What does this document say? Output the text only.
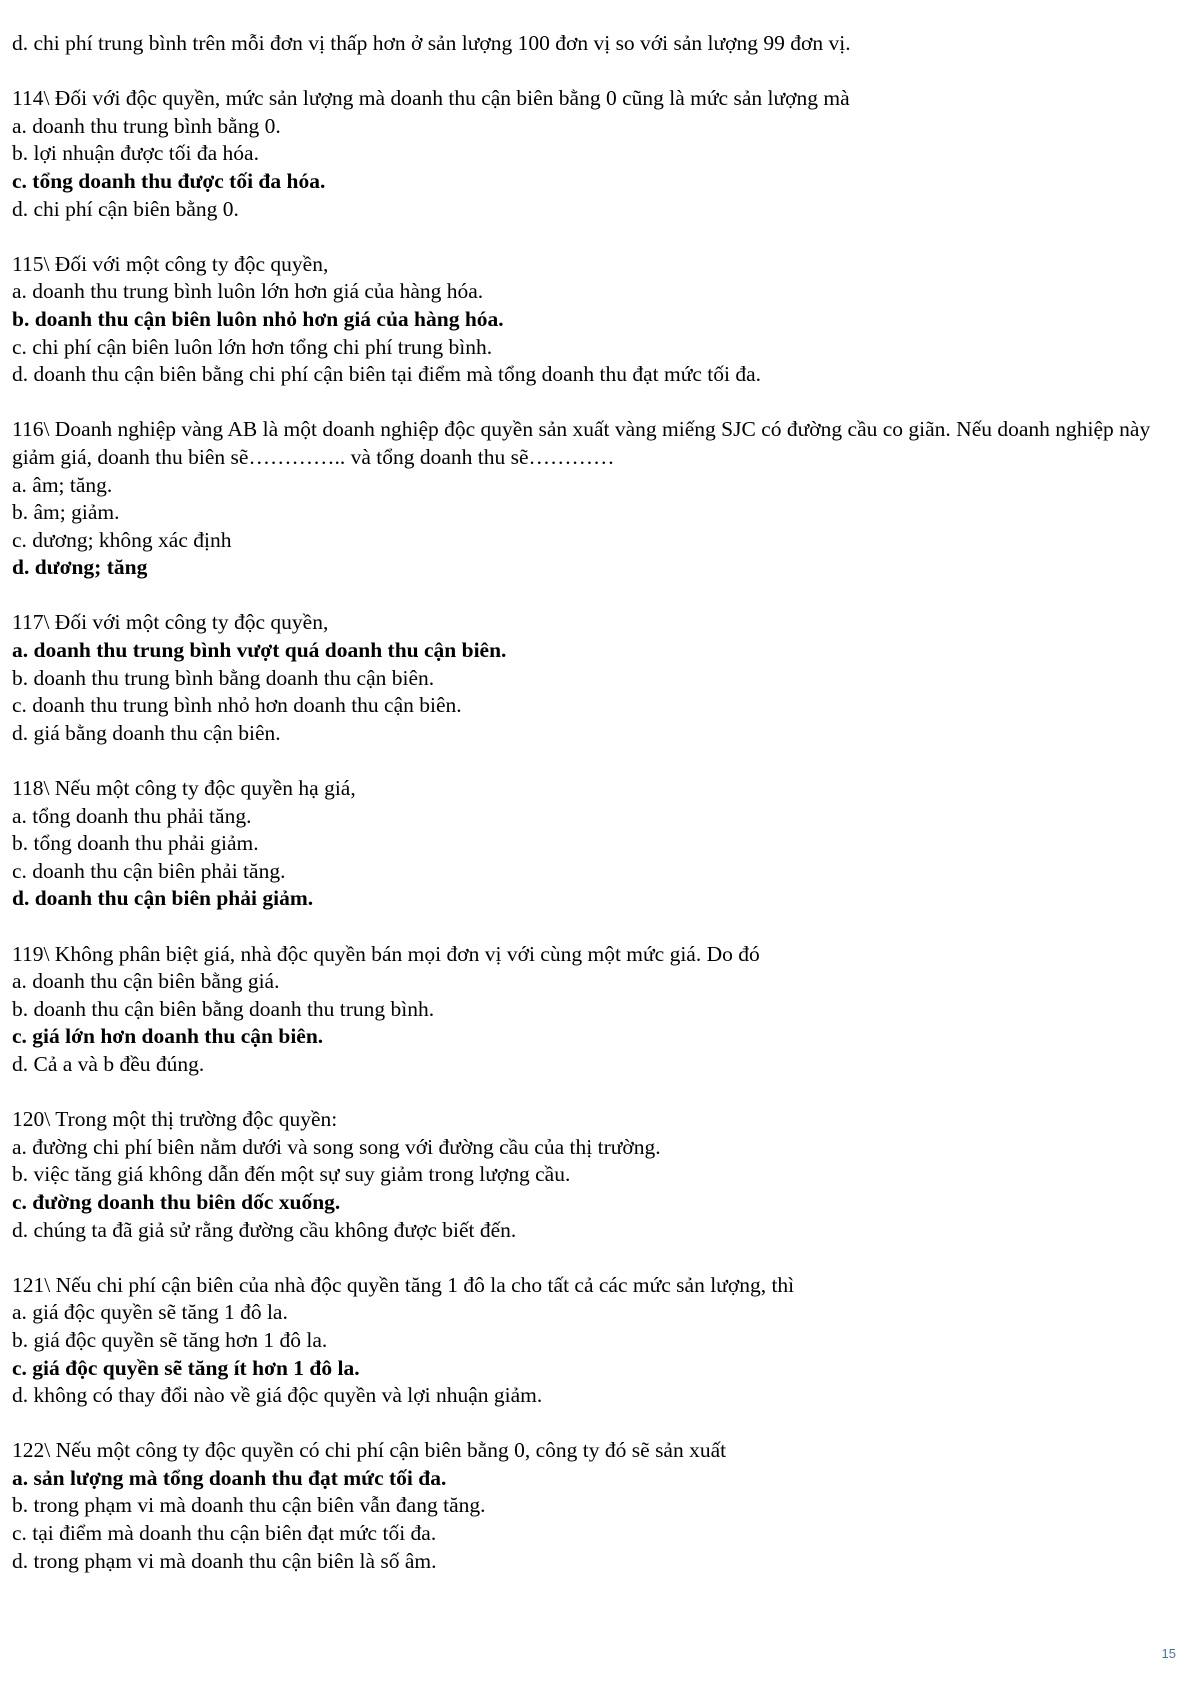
d. chi phí trung bình trên mỗi đơn vị thấp hơn ở sản lượng 100 đơn vị so với sản lượng 99 đơn vị.
114\ Đối với độc quyền, mức sản lượng mà doanh thu cận biên bằng 0 cũng là mức sản lượng mà
a. doanh thu trung bình bằng 0.
b. lợi nhuận được tối đa hóa.
c. tổng doanh thu được tối đa hóa.
d. chi phí cận biên bằng 0.
115\ Đối với một công ty độc quyền,
a. doanh thu trung bình luôn lớn hơn giá của hàng hóa.
b. doanh thu cận biên luôn nhỏ hơn giá của hàng hóa.
c. chi phí cận biên luôn lớn hơn tổng chi phí trung bình.
d. doanh thu cận biên bằng chi phí cận biên tại điểm mà tổng doanh thu đạt mức tối đa.
116\ Doanh nghiệp vàng AB là một doanh nghiệp độc quyền sản xuất vàng miếng SJC có đường cầu co giãn. Nếu doanh nghiệp này giảm giá, doanh thu biên sẽ………….. và tổng doanh thu sẽ…………
a. âm; tăng.
b. âm; giảm.
c. dương; không xác định
d. dương; tăng
117\ Đối với một công ty độc quyền,
a. doanh thu trung bình vượt quá doanh thu cận biên.
b. doanh thu trung bình bằng doanh thu cận biên.
c. doanh thu trung bình nhỏ hơn doanh thu cận biên.
d. giá bằng doanh thu cận biên.
118\ Nếu một công ty độc quyền hạ giá,
a. tổng doanh thu phải tăng.
b. tổng doanh thu phải giảm.
c. doanh thu cận biên phải tăng.
d. doanh thu cận biên phải giảm.
119\ Không phân biệt giá, nhà độc quyền bán mọi đơn vị với cùng một mức giá. Do đó
a. doanh thu cận biên bằng giá.
b. doanh thu cận biên bằng doanh thu trung bình.
c. giá lớn hơn doanh thu cận biên.
d. Cả a và b đều đúng.
120\ Trong một thị trường độc quyền:
a. đường chi phí biên nằm dưới và song song với đường cầu của thị trường.
b. việc tăng giá không dẫn đến một sự suy giảm trong lượng cầu.
c. đường doanh thu biên dốc xuống.
d. chúng ta đã giả sử rằng đường cầu không được biết đến.
121\ Nếu chi phí cận biên của nhà độc quyền tăng 1 đô la cho tất cả các mức sản lượng, thì
a. giá độc quyền sẽ tăng 1 đô la.
b. giá độc quyền sẽ tăng hơn 1 đô la.
c. giá độc quyền sẽ tăng ít hơn 1 đô la.
d. không có thay đổi nào về giá độc quyền và lợi nhuận giảm.
122\ Nếu một công ty độc quyền có chi phí cận biên bằng 0, công ty đó sẽ sản xuất
a. sản lượng mà tổng doanh thu đạt mức tối đa.
b. trong phạm vi mà doanh thu cận biên vẫn đang tăng.
c. tại điểm mà doanh thu cận biên đạt mức tối đa.
d. trong phạm vi mà doanh thu cận biên là số âm.
15
